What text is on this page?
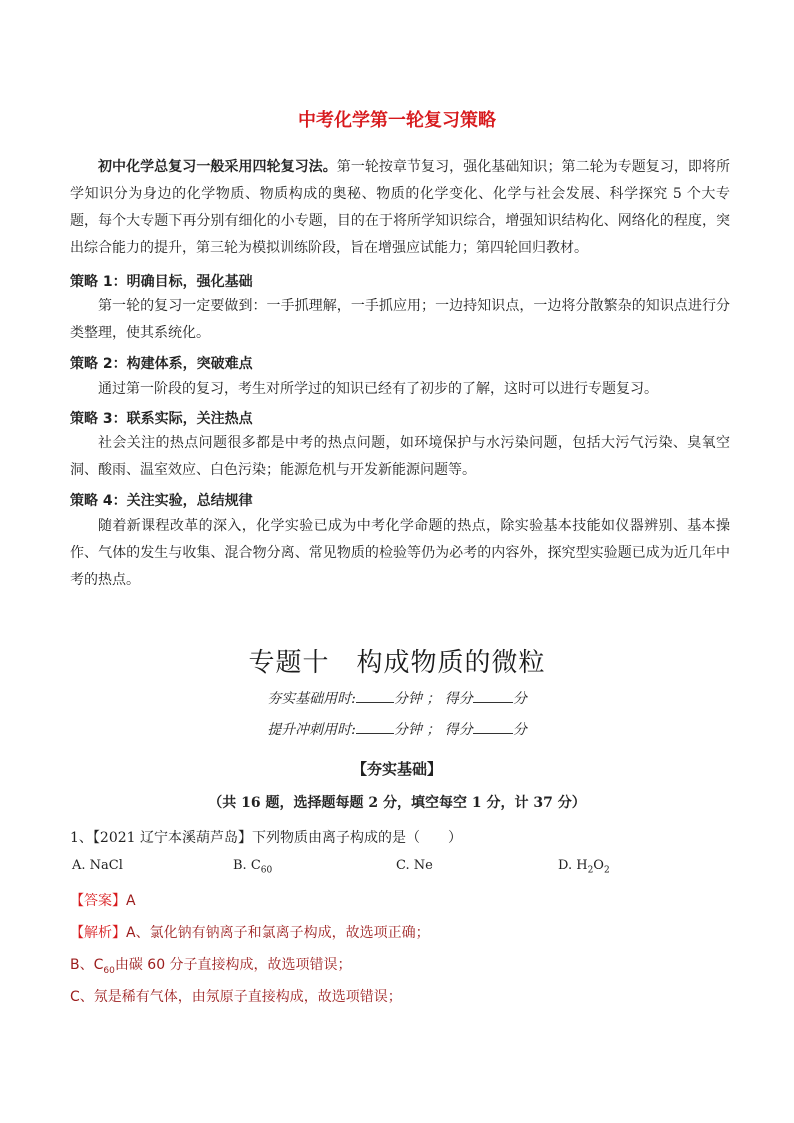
中考化学第一轮复习策略
初中化学总复习一般采用四轮复习法。第一轮按章节复习，强化基础知识；第二轮为专题复习，即将所学知识分为身边的化学物质、物质构成的奥秘、物质的化学变化、化学与社会发展、科学探究 5 个大专题，每个大专题下再分别有细化的小专题，目的在于将所学知识综合，增强知识结构化、网络化的程度，突出综合能力的提升，第三轮为模拟训练阶段，旨在增强应试能力；第四轮回归教材。
策略 1：明确目标，强化基础
第一轮的复习一定要做到：一手抓理解，一手抓应用；一边持知识点，一边将分散繁杂的知识点进行分类整理，使其系统化。
策略 2：构建体系，突破难点
通过第一阶段的复习，考生对所学过的知识已经有了初步的了解，这时可以进行专题复习。
策略 3：联系实际，关注热点
社会关注的热点问题很多都是中考的热点问题，如环境保护与水污染问题，包括大污气污染、臭氧空洞、酸雨、温室效应、白色污染；能源危机与开发新能源问题等。
策略 4：关注实验，总结规律
随着新课程改革的深入，化学实验已成为中考化学命题的热点，除实验基本技能如仪器辨别、基本操作、气体的发生与收集、混合物分离、常见物质的检验等仍为必考的内容外，探究型实验题已成为近几年中考的热点。
专题十　构成物质的微粒
夯实基础用时:	分钟 ； 得分	分
提升冲刺用时:	分钟 ； 得分	分
【夯实基础】
（共 16 题，选择题每题 2 分，填空每空 1 分，计 37 分）
1、【2021 辽宁本溪葫芦岛】下列物质由离子构成的是（　　）
A. NaCl	B. $C_{60}$	C. Ne	D. $H_2O_2$
【答案】A
【解析】A、氯化钠有钠离子和氯离子构成，故选项正确；
B、$C_{60}$由碳 60 分子直接构成，故选项错误；
C、氖是稀有气体，由氖原子直接构成，故选项错误；
